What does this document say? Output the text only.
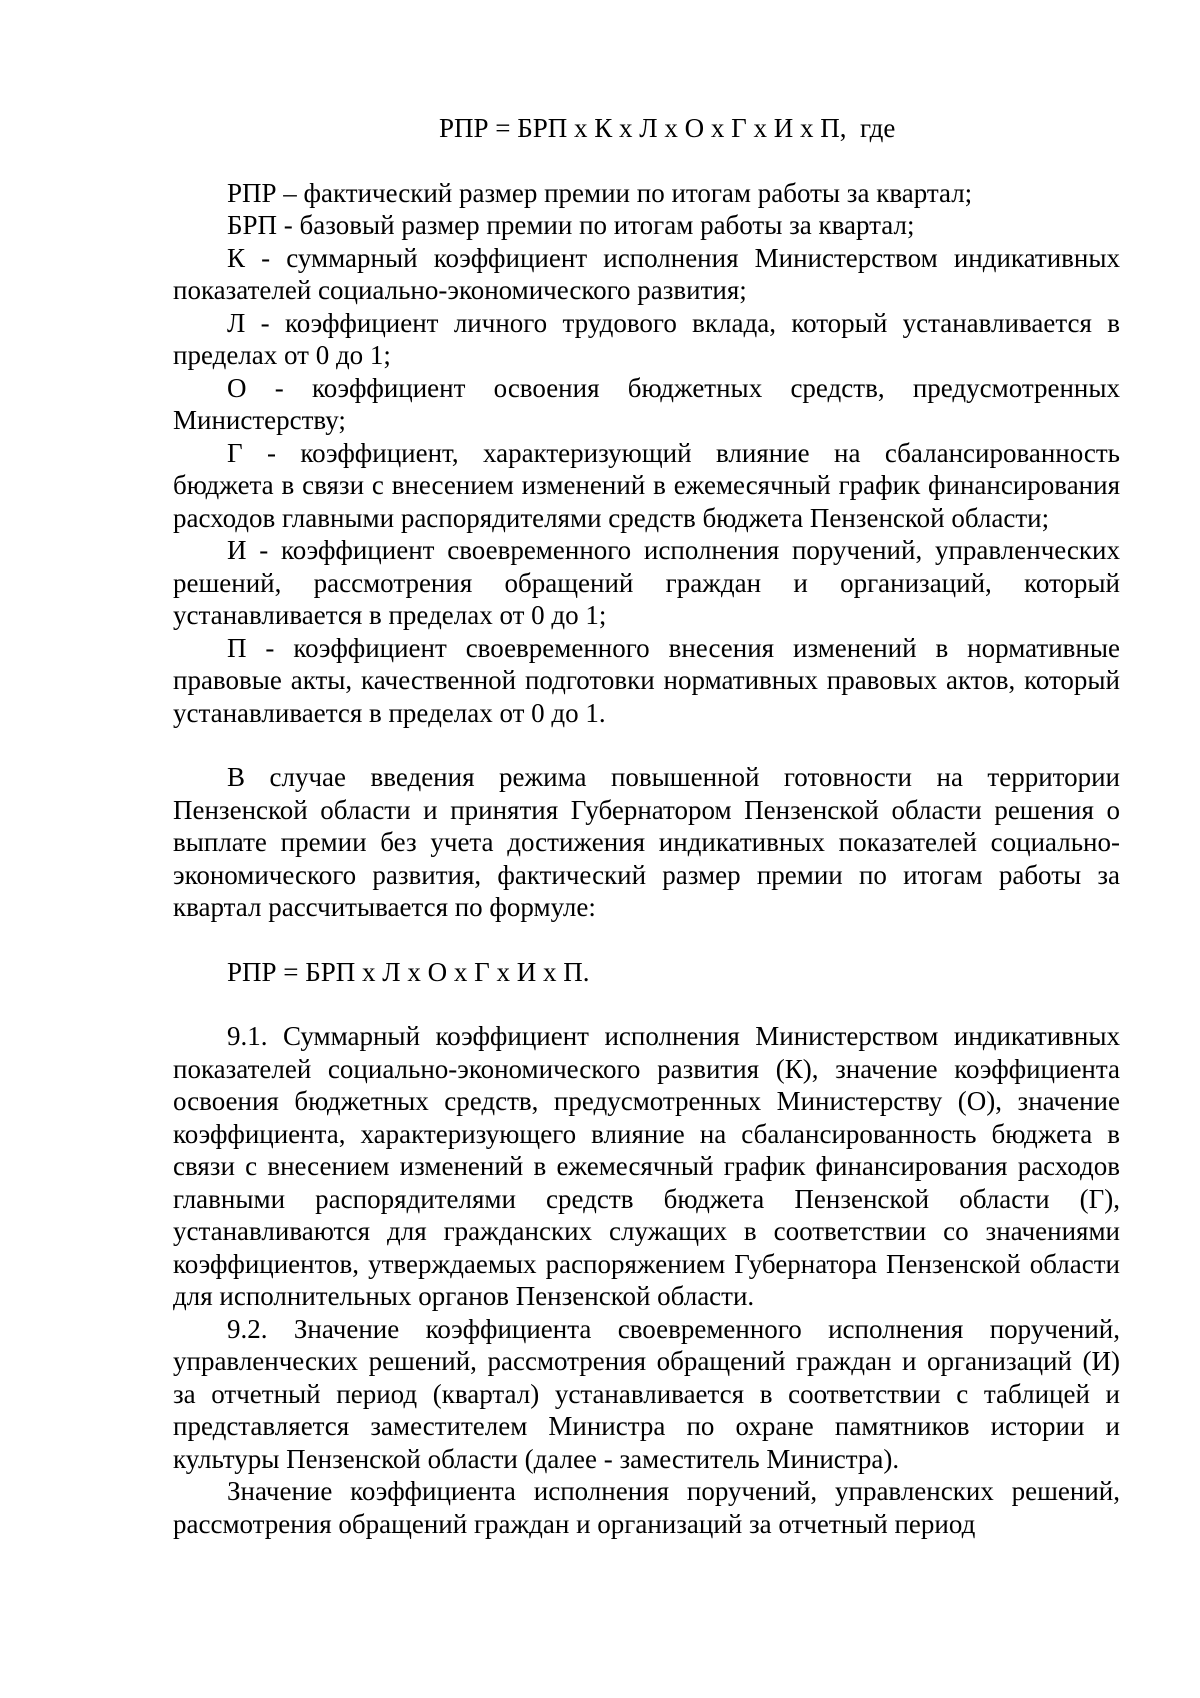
РПР = БРП x К x Л x О x Г x И x П,  где

РПР – фактический размер премии по итогам работы за квартал;

БРП - базовый размер премии по итогам работы за квартал;

К - суммарный коэффициент исполнения Министерством индикативных показателей социально-экономического развития;

Л - коэффициент личного трудового вклада, который устанавливается в пределах от 0 до 1;

О - коэффициент освоения бюджетных средств, предусмотренных Министерству;

Г - коэффициент, характеризующий влияние на сбалансированность бюджета в связи с внесением изменений в ежемесячный график финансирования расходов главными распорядителями средств бюджета Пензенской области;

И - коэффициент своевременного исполнения поручений, управленческих решений, рассмотрения обращений граждан и организаций, который устанавливается в пределах от 0 до 1;

П - коэффициент своевременного внесения изменений в нормативные правовые акты, качественной подготовки нормативных правовых актов, который устанавливается в пределах от 0 до 1.

В случае введения режима повышенной готовности на территории Пензенской области и принятия Губернатором Пензенской области решения о выплате премии без учета достижения индикативных показателей социально-экономического развития, фактический размер премии по итогам работы за квартал рассчитывается по формуле:

РПР = БРП x Л x О x Г x И x П.

9.1. Суммарный коэффициент исполнения Министерством индикативных показателей социально-экономического развития (К), значение коэффициента освоения бюджетных средств, предусмотренных Министерству (О), значение коэффициента, характеризующего влияние на сбалансированность бюджета в связи с внесением изменений в ежемесячный график финансирования расходов главными распорядителями средств бюджета Пензенской области (Г), устанавливаются для гражданских служащих в соответствии со значениями коэффициентов, утверждаемых распоряжением Губернатора Пензенской области для исполнительных органов Пензенской области.

9.2. Значение коэффициента своевременного исполнения поручений, управленческих решений, рассмотрения обращений граждан и организаций (И) за отчетный период (квартал) устанавливается в соответствии с таблицей и представляется заместителем Министра по охране памятников истории и культуры Пензенской области (далее - заместитель Министра).

Значение коэффициента исполнения поручений, управленских решений, рассмотрения обращений граждан и организаций за отчетный период
